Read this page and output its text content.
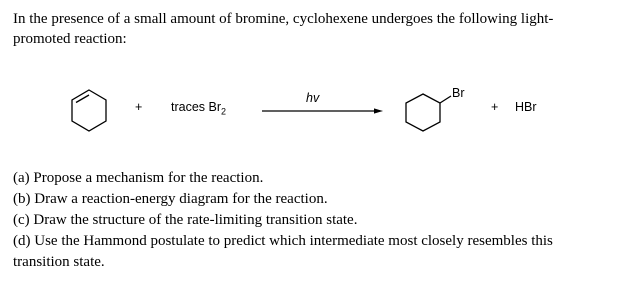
In the presence of a small amount of bromine, cyclohexene undergoes the following light-
promoted reaction:
+ traces $Br_2$
hv	Br
+ HBr

(a) Propose a mechanism for the reaction.

(b) Draw a reaction-energy diagram for the reaction.

(c) Draw the structure of the rate-limiting transition state.

(d) Use the Hammond postulate to predict which intermediate most closely resembles this transition state.
